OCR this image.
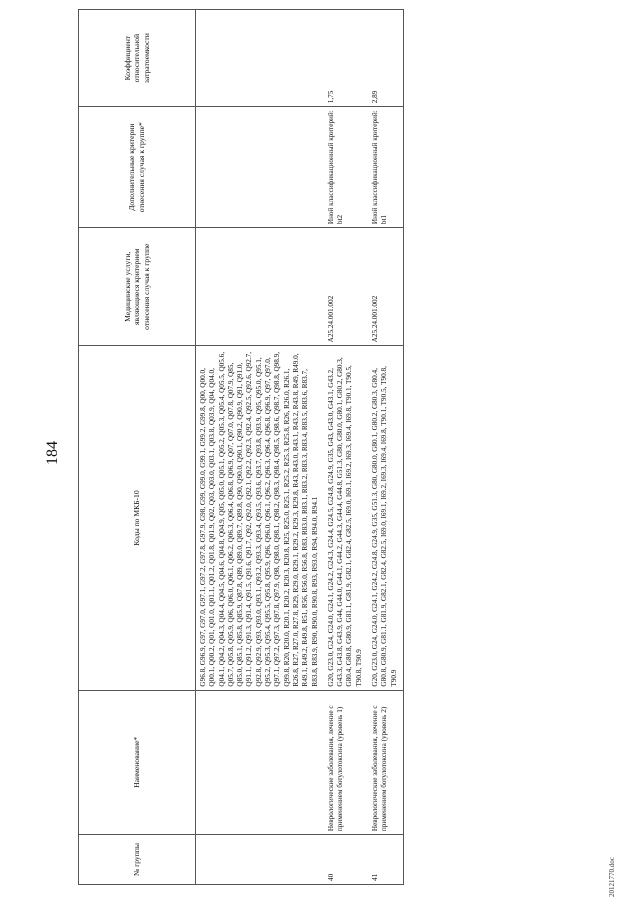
184
№ группы	Наименование*	Коды по МКБ-10	Медицинские услуги, являющиеся критерием отнесения случая к группе	Дополнительные критерии отнесения случая к группе*	Коэффициент относительной затратоемкости
		G96.8, G96.9, G97, G97.0, G97.1, G97.2, G97.8, G97.9, G98, G99, G99.0, G99.1, G99.2, G99.8, Q00, Q00.0, Q00.1, Q00.2, Q01, Q01.0, Q01.1, Q01.2, Q01.8, Q01.9, Q02, Q03, Q03.0, Q03.1, Q03.8, Q03.9, Q04, Q04.0, Q04.1, Q04.2, Q04.3, Q04.4, Q04.5, Q04.6, Q04.8, Q04.9, Q05, Q05.0, Q05.1, Q05.2, Q05.3, Q05.4, Q05.5, Q05.6, Q05.7, Q05.8, Q05.9, Q06, Q06.0, Q06.1, Q06.2, Q06.3, Q06.4, Q06.8, Q06.9, Q07, Q07.0, Q07.8, Q07.9, Q85, Q85.0, Q85.1, Q85.8, Q85.9, Q87.8, Q89, Q89.0, Q89.7, Q89.8, Q90, Q90.0, Q90.1, Q90.2, Q90.9, Q91, Q91.0, Q91.1, Q91.2, Q91.3, Q91.4, Q91.5, Q91.6, Q91.7, Q92, Q92.0, Q92.1, Q92.2, Q92.3, Q92.4, Q92.5, Q92.6, Q92.7, Q92.8, Q92.9, Q93, Q93.0, Q93.1, Q93.2, Q93.3, Q93.4, Q93.5, Q93.6, Q93.7, Q93.8, Q93.9, Q95, Q95.0, Q95.1, Q95.2, Q95.3, Q95.4, Q95.5, Q95.8, Q95.9, Q96, Q96.0, Q96.1, Q96.2, Q96.3, Q96.4, Q96.8, Q96.9, Q97, Q97.0, Q97.1, Q97.2, Q97.3, Q97.8, Q97.9, Q98, Q98.0, Q98.1, Q98.2, Q98.3, Q98.4, Q98.5, Q98.6, Q98.7, Q98.8, Q98.9, Q99.8, R20, R20.0, R20.1, R20.2, R20.3, R20.8, R25, R25.0, R25.1, R25.2, R25.3, R25.8, R26, R26.0, R26.1, R26.8, R27, R27.0, R27.8, R29, R29.0, R29.1, R29.2, R29.3, R29.8, R43, R43.0, R43.1, R43.2, R43.8, R49, R49.0, R49.1, R49.2, R49.8, R51, R56, R56.0, R56.8, R83, R83.0, R83.1, R83.2, R83.3, R83.4, R83.5, R83.6, R83.7, R83.8, R83.9, R90, R90.0, R90.8, R93, R93.0, R94, R94.0, R94.1			
40	Неврологические заболевания, лечение с применением ботулотоксина (уровень 1)	G20, G23.0, G24, G24.0, G24.1, G24.2, G24.3, G24.4, G24.5, G24.8, G24.9, G35, G43, G43.0, G43.1, G43.2, G43.3, G43.8, G43.9, G44, G44.0, G44.1, G44.2, G44.3, G44.4, G44.8, G51.3, G80, G80.0, G80.1, G80.2, G80.3, G80.4, G80.8, G80.9, G81.1, G81.9, G82.1, G82.4, G82.5, I69.0, I69.1, I69.2, I69.3, I69.4, I69.8, T90.1, T90.5, T90.8, T90.9	A25.24.001.002	Иной классификационный критерий: bt2	1,75
41	Неврологические заболевания, лечение с применением ботулотоксина (уровень 2)	G20, G23.0, G24, G24.0, G24.1, G24.2, G24.8, G24.9, G35, G51.3, G80, G80.0, G80.1, G80.2, G80.3, G80.4, G80.8, G80.9, G81.1, G81.9, G82.1, G82.4, G82.5, I69.0, I69.1, I69.2, I69.3, I69.4, I69.8, T90.1, T90.5, T90.8, T90.9	A25.24.001.002	Иной классификационный критерий: bt1	2,89
20121770.doc
